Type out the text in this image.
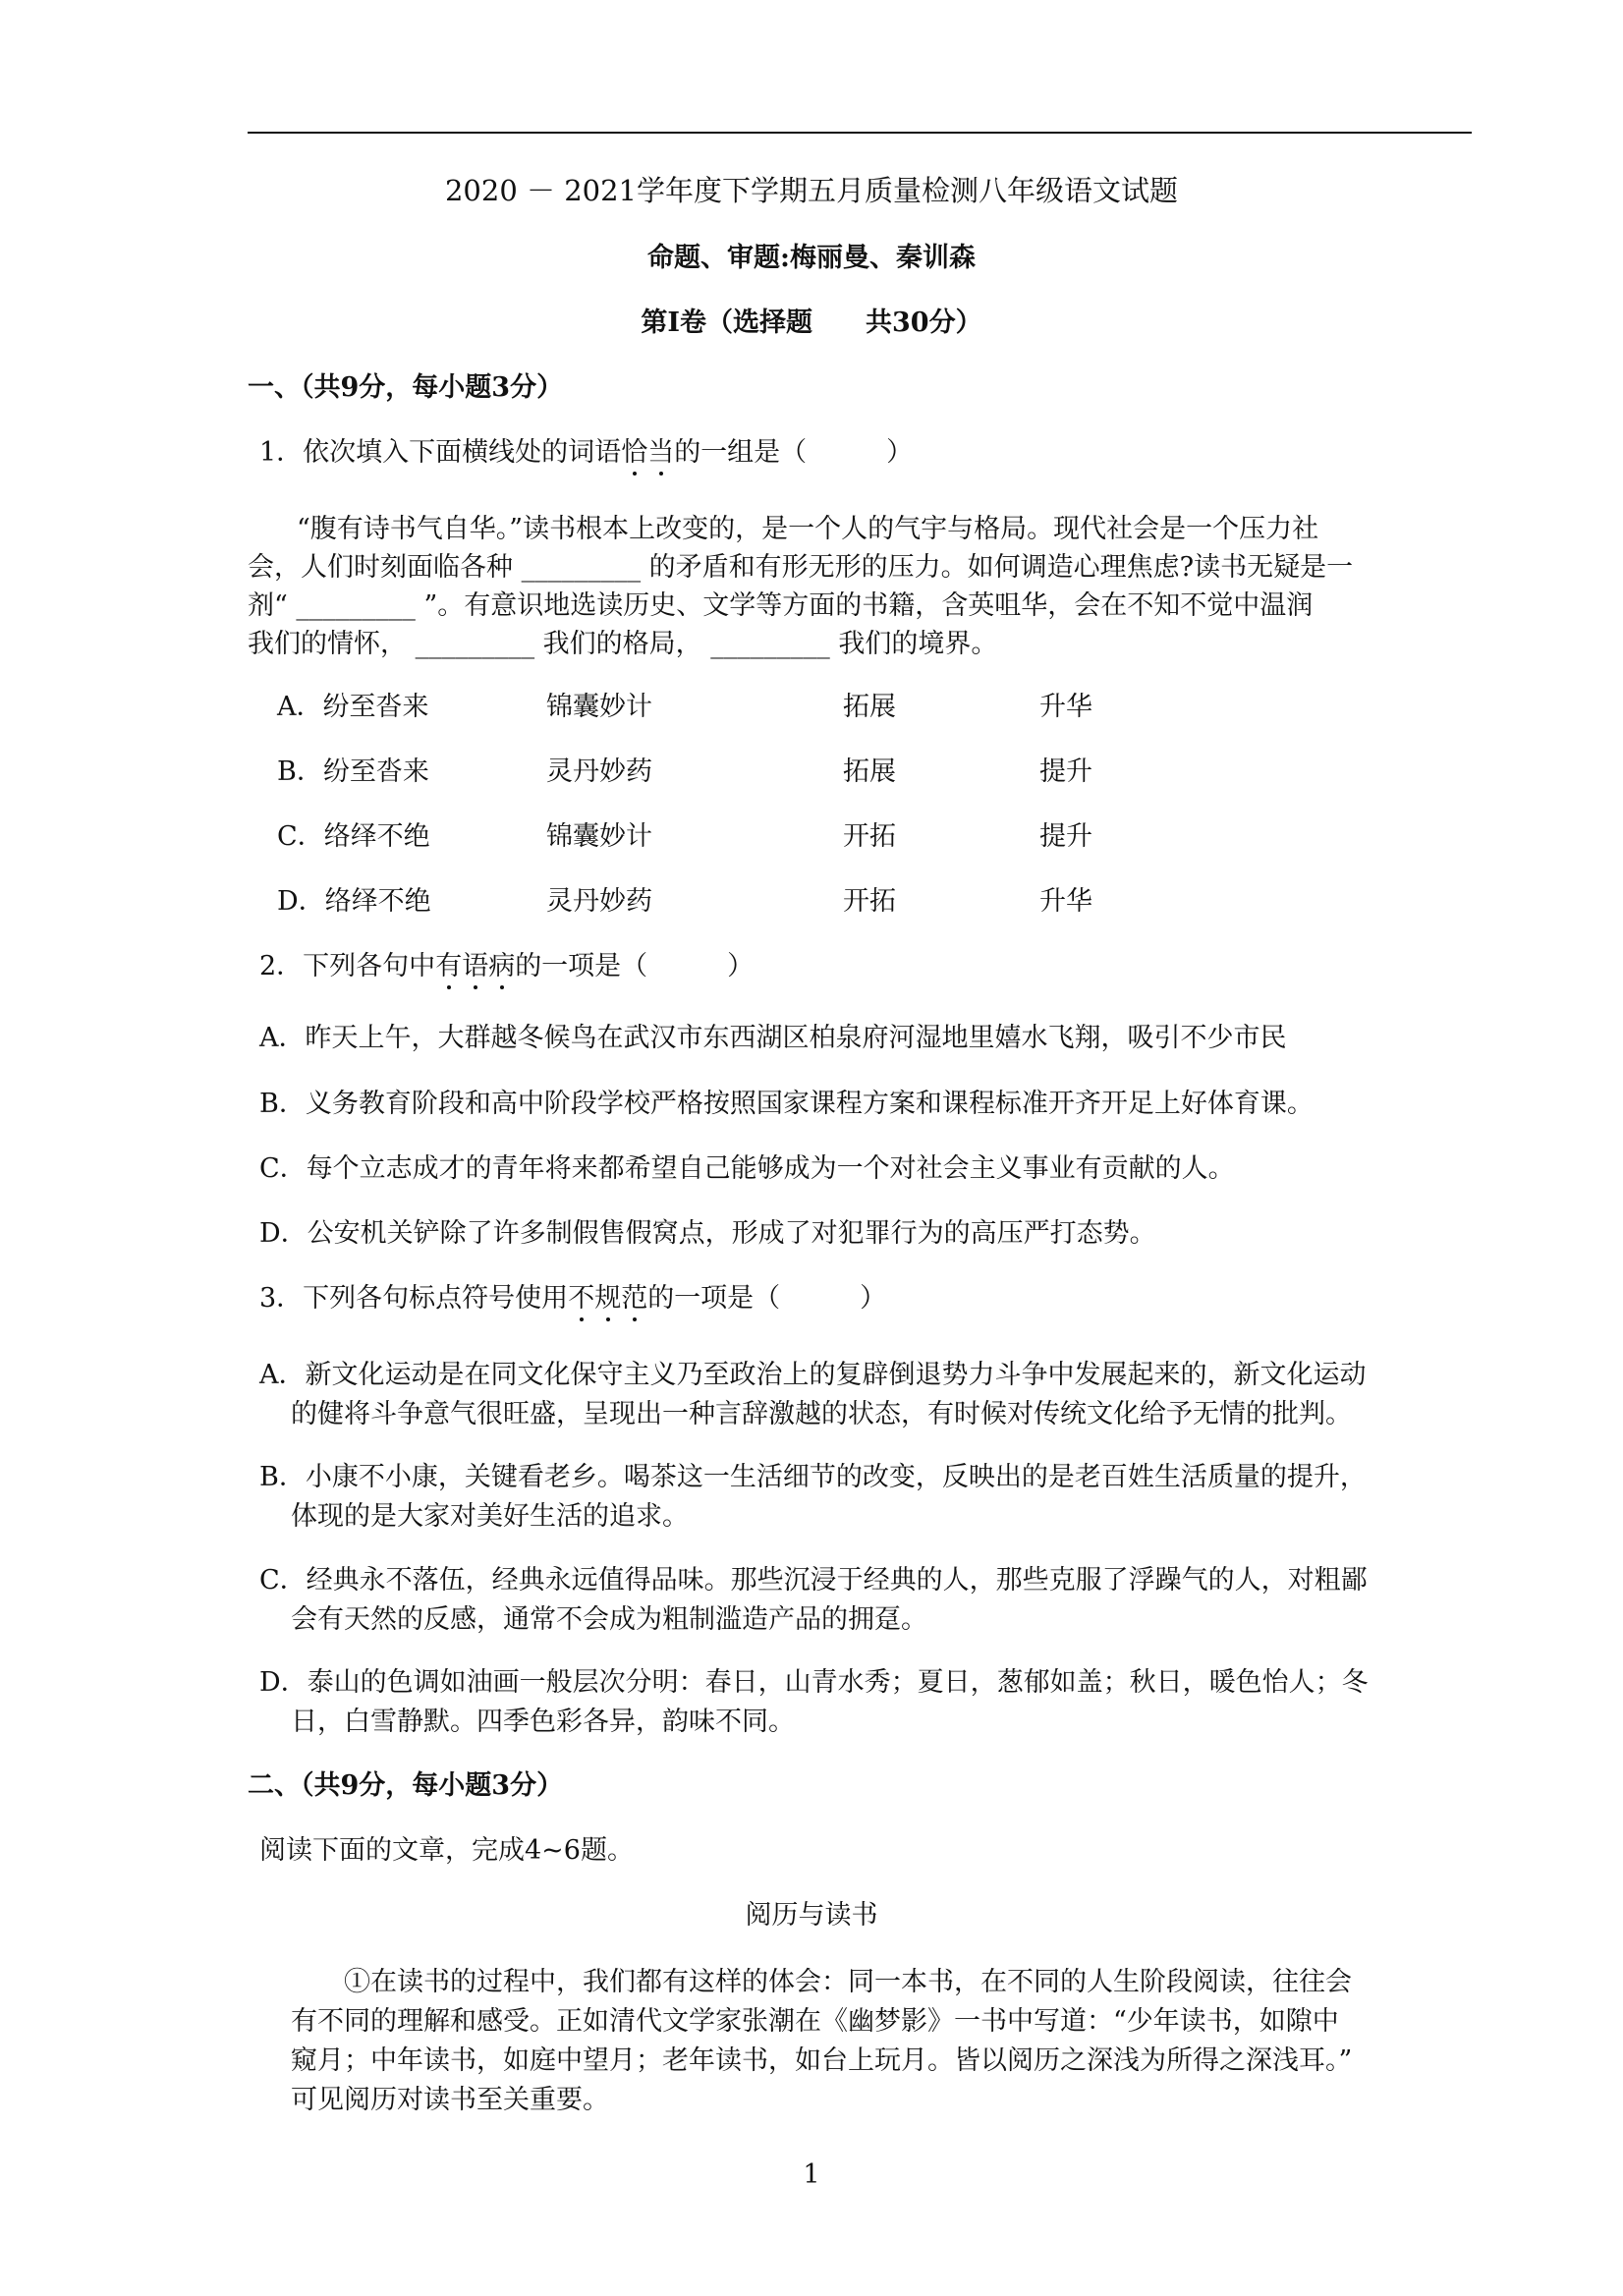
2020 － 2021学年度下学期五月质量检测八年级语文试题
命题、审题:梅丽曼、秦训森
第Ⅰ卷（选择题　　共30分）
一、（共9分，每小题3分）
1．依次填入下面横线处的词语恰当的一组是（　　　）
“腹有诗书气自华。”读书根本上改变的，是一个人的气宇与格局。现代社会是一个压力社
会，人们时刻面临各种 _________ 的矛盾和有形无形的压力。如何调造心理焦虑?读书无疑是一
剂“ _________ ”。有意识地选读历史、文学等方面的书籍，含英咀华，会在不知不觉中温润
我们的情怀， _________ 我们的格局， _________ 我们的境界。
A．纷至沓来	锦囊妙计	拓展	升华
B．纷至沓来	灵丹妙药	拓展	提升
C．络绎不绝	锦囊妙计	开拓	提升
D．络绎不绝	灵丹妙药	开拓	升华
2．下列各句中有语病的一项是（　　　）
A．昨天上午，大群越冬候鸟在武汉市东西湖区柏泉府河湿地里嬉水飞翔，吸引不少市民
B．义务教育阶段和高中阶段学校严格按照国家课程方案和课程标准开齐开足上好体育课。
C．每个立志成才的青年将来都希望自己能够成为一个对社会主义事业有贡献的人。
D．公安机关铲除了许多制假售假窝点，形成了对犯罪行为的高压严打态势。
3．下列各句标点符号使用不规范的一项是（　　　）
A．新文化运动是在同文化保守主义乃至政治上的复辟倒退势力斗争中发展起来的，新文化运动
的健将斗争意气很旺盛，呈现出一种言辞激越的状态，有时候对传统文化给予无情的批判。
B．小康不小康，关键看老乡。喝茶这一生活细节的改变，反映出的是老百姓生活质量的提升，
体现的是大家对美好生活的追求。
C．经典永不落伍，经典永远值得品味。那些沉浸于经典的人，那些克服了浮躁气的人，对粗鄙
会有天然的反感，通常不会成为粗制滥造产品的拥趸。
D．泰山的色调如油画一般层次分明：春日，山青水秀；夏日，葱郁如盖；秋日，暖色怡人；冬
日，白雪静默。四季色彩各异，韵味不同。
二、（共9分，每小题3分）
阅读下面的文章，完成4~6题。
阅历与读书
①在读书的过程中，我们都有这样的体会：同一本书，在不同的人生阶段阅读，往往会
有不同的理解和感受。正如清代文学家张潮在《幽梦影》一书中写道：“少年读书，如隙中
窥月；中年读书，如庭中望月；老年读书，如台上玩月。皆以阅历之深浅为所得之深浅耳。”
可见阅历对读书至关重要。
1
